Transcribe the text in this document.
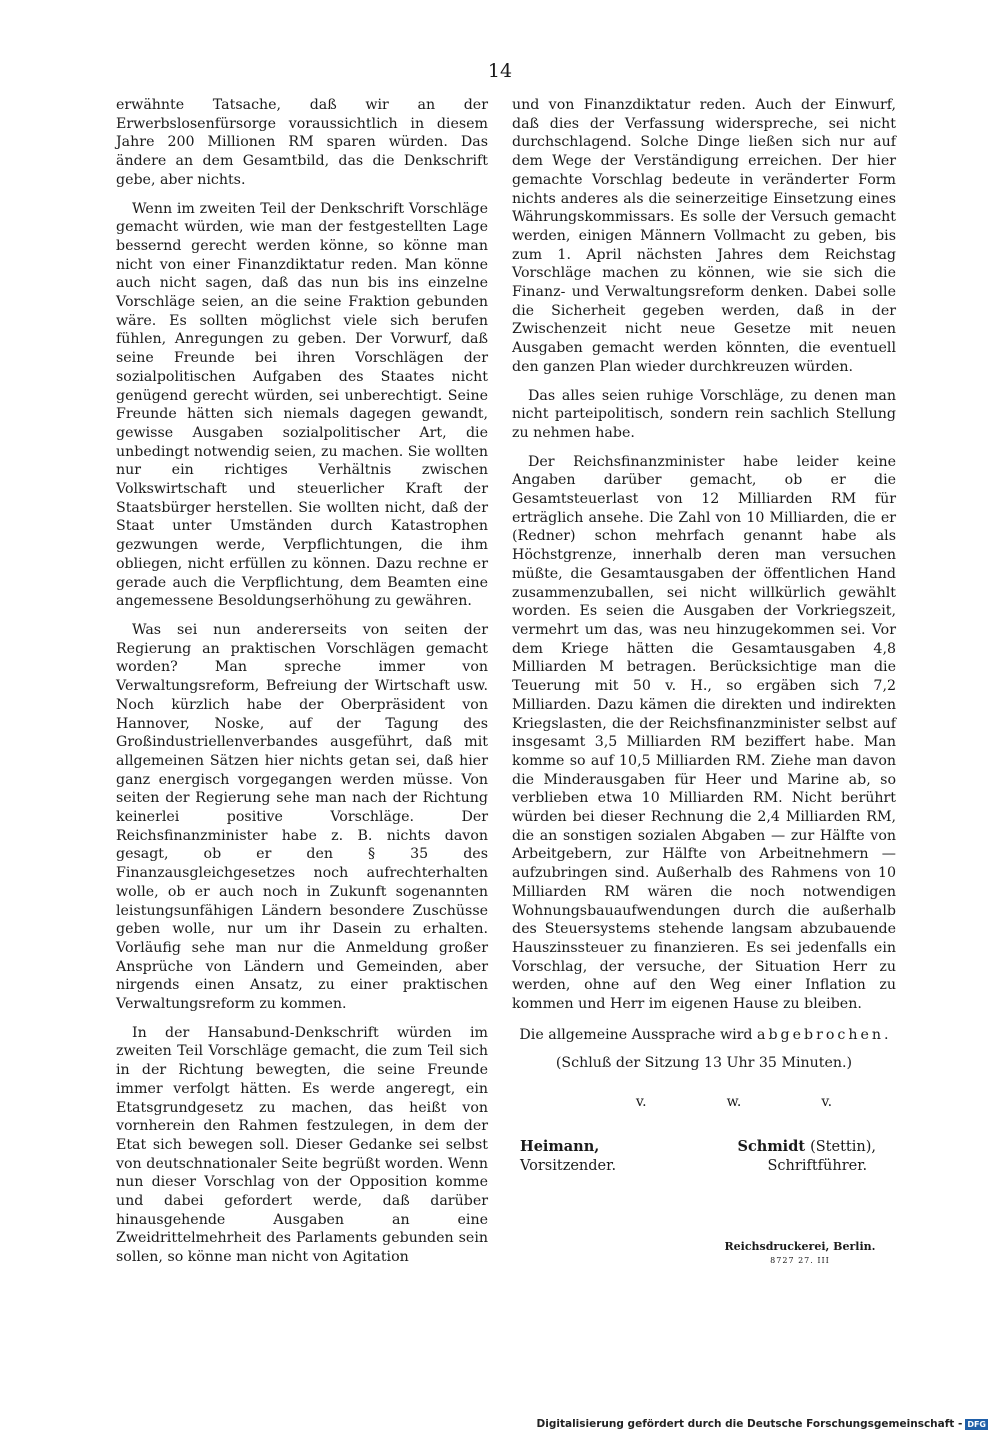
14

erwähnte Tatsache, daß wir an der Erwerbslosenfürsorge voraussichtlich in diesem Jahre 200 Millionen RM sparen würden. Das ändere an dem Gesamtbild, das die Denkschrift gebe, aber nichts.

Wenn im zweiten Teil der Denkschrift Vorschläge gemacht würden, wie man der festgestellten Lage bessernd gerecht werden könne, so könne man nicht von einer Finanzdiktatur reden. Man könne auch nicht sagen, daß das nun bis ins einzelne Vorschläge seien, an die seine Fraktion gebunden wäre. Es sollten möglichst viele sich berufen fühlen, Anregungen zu geben. Der Vorwurf, daß seine Freunde bei ihren Vorschlägen der sozialpolitischen Aufgaben des Staates nicht genügend gerecht würden, sei unberechtigt. Seine Freunde hätten sich niemals dagegen gewandt, gewisse Ausgaben sozialpolitischer Art, die unbedingt notwendig seien, zu machen. Sie wollten nur ein richtiges Verhältnis zwischen Volkswirtschaft und steuerlicher Kraft der Staatsbürger herstellen. Sie wollten nicht, daß der Staat unter Umständen durch Katastrophen gezwungen werde, Verpflichtungen, die ihm obliegen, nicht erfüllen zu können. Dazu rechne er gerade auch die Verpflichtung, dem Beamten eine angemessene Besoldungserhöhung zu gewähren.

Was sei nun andererseits von seiten der Regierung an praktischen Vorschlägen gemacht worden? Man spreche immer von Verwaltungsreform, Befreiung der Wirtschaft usw. Noch kürzlich habe der Oberpräsident von Hannover, Noske, auf der Tagung des Großindustriellenverbandes ausgeführt, daß mit allgemeinen Sätzen hier nichts getan sei, daß hier ganz energisch vorgegangen werden müsse. Von seiten der Regierung sehe man nach der Richtung keinerlei positive Vorschläge. Der Reichsfinanzminister habe z. B. nichts davon gesagt, ob er den § 35 des Finanzausgleichgesetzes noch aufrechterhalten wolle, ob er auch noch in Zukunft sogenannten leistungsunfähigen Ländern besondere Zuschüsse geben wolle, nur um ihr Dasein zu erhalten. Vorläufig sehe man nur die Anmeldung großer Ansprüche von Ländern und Gemeinden, aber nirgends einen Ansatz, zu einer praktischen Verwaltungsreform zu kommen.

In der Hansabund-Denkschrift würden im zweiten Teil Vorschläge gemacht, die zum Teil sich in der Richtung bewegten, die seine Freunde immer verfolgt hätten. Es werde angeregt, ein Etatsgrundgesetz zu machen, das heißt von vornherein den Rahmen festzulegen, in dem der Etat sich bewegen soll. Dieser Gedanke sei selbst von deutschnationaler Seite begrüßt worden. Wenn nun dieser Vorschlag von der Opposition komme und dabei gefordert werde, daß darüber hinausgehende Ausgaben an eine Zweidrittelmehrheit des Parlaments gebunden sein sollen, so könne man nicht von Agitation

und von Finanzdiktatur reden. Auch der Einwurf, daß dies der Verfassung widerspreche, sei nicht durchschlagend. Solche Dinge ließen sich nur auf dem Wege der Verständigung erreichen. Der hier gemachte Vorschlag bedeute in veränderter Form nichts anderes als die seinerzeitige Einsetzung eines Währungskommissars. Es solle der Versuch gemacht werden, einigen Männern Vollmacht zu geben, bis zum 1. April nächsten Jahres dem Reichstag Vorschläge machen zu können, wie sie sich die Finanz- und Verwaltungsreform denken. Dabei solle die Sicherheit gegeben werden, daß in der Zwischenzeit nicht neue Gesetze mit neuen Ausgaben gemacht werden könnten, die eventuell den ganzen Plan wieder durchkreuzen würden.

Das alles seien ruhige Vorschläge, zu denen man nicht parteipolitisch, sondern rein sachlich Stellung zu nehmen habe.

Der Reichsfinanzminister habe leider keine Angaben darüber gemacht, ob er die Gesamtsteuerlast von 12 Milliarden RM für erträglich ansehe. Die Zahl von 10 Milliarden, die er (Redner) schon mehrfach genannt habe als Höchstgrenze, innerhalb deren man versuchen müßte, die Gesamtausgaben der öffentlichen Hand zusammenzuballen, sei nicht willkürlich gewählt worden. Es seien die Ausgaben der Vorkriegszeit, vermehrt um das, was neu hinzugekommen sei. Vor dem Kriege hätten die Gesamtausgaben 4,8 Milliarden M betragen. Berücksichtige man die Teuerung mit 50 v. H., so ergäben sich 7,2 Milliarden. Dazu kämen die direkten und indirekten Kriegslasten, die der Reichsfinanzminister selbst auf insgesamt 3,5 Milliarden RM beziffert habe. Man komme so auf 10,5 Milliarden RM. Ziehe man davon die Minderausgaben für Heer und Marine ab, so verblieben etwa 10 Milliarden RM. Nicht berührt würden bei dieser Rechnung die 2,4 Milliarden RM, die an sonstigen sozialen Abgaben — zur Hälfte von Arbeitgebern, zur Hälfte von Arbeitnehmern — aufzubringen sind. Außerhalb des Rahmens von 10 Milliarden RM wären die noch notwendigen Wohnungsbauaufwendungen durch die außerhalb des Steuersystems stehende langsam abzubauende Hauszinssteuer zu finanzieren. Es sei jedenfalls ein Vorschlag, der versuche, der Situation Herr zu werden, ohne auf den Weg einer Inflation zu kommen und Herr im eigenen Hause zu bleiben.

Die allgemeine Aussprache wird abgebrochen.

(Schluß der Sitzung 13 Uhr 35 Minuten.)

v.	w.	v.
Heimann,
Vorsitzender.
Schmidt (Stettin),
Schriftführer.
Reichsdruckerei, Berlin.
8727 27. III
Digitalisierung gefördert durch die Deutsche Forschungsgemeinschaft - DFG
